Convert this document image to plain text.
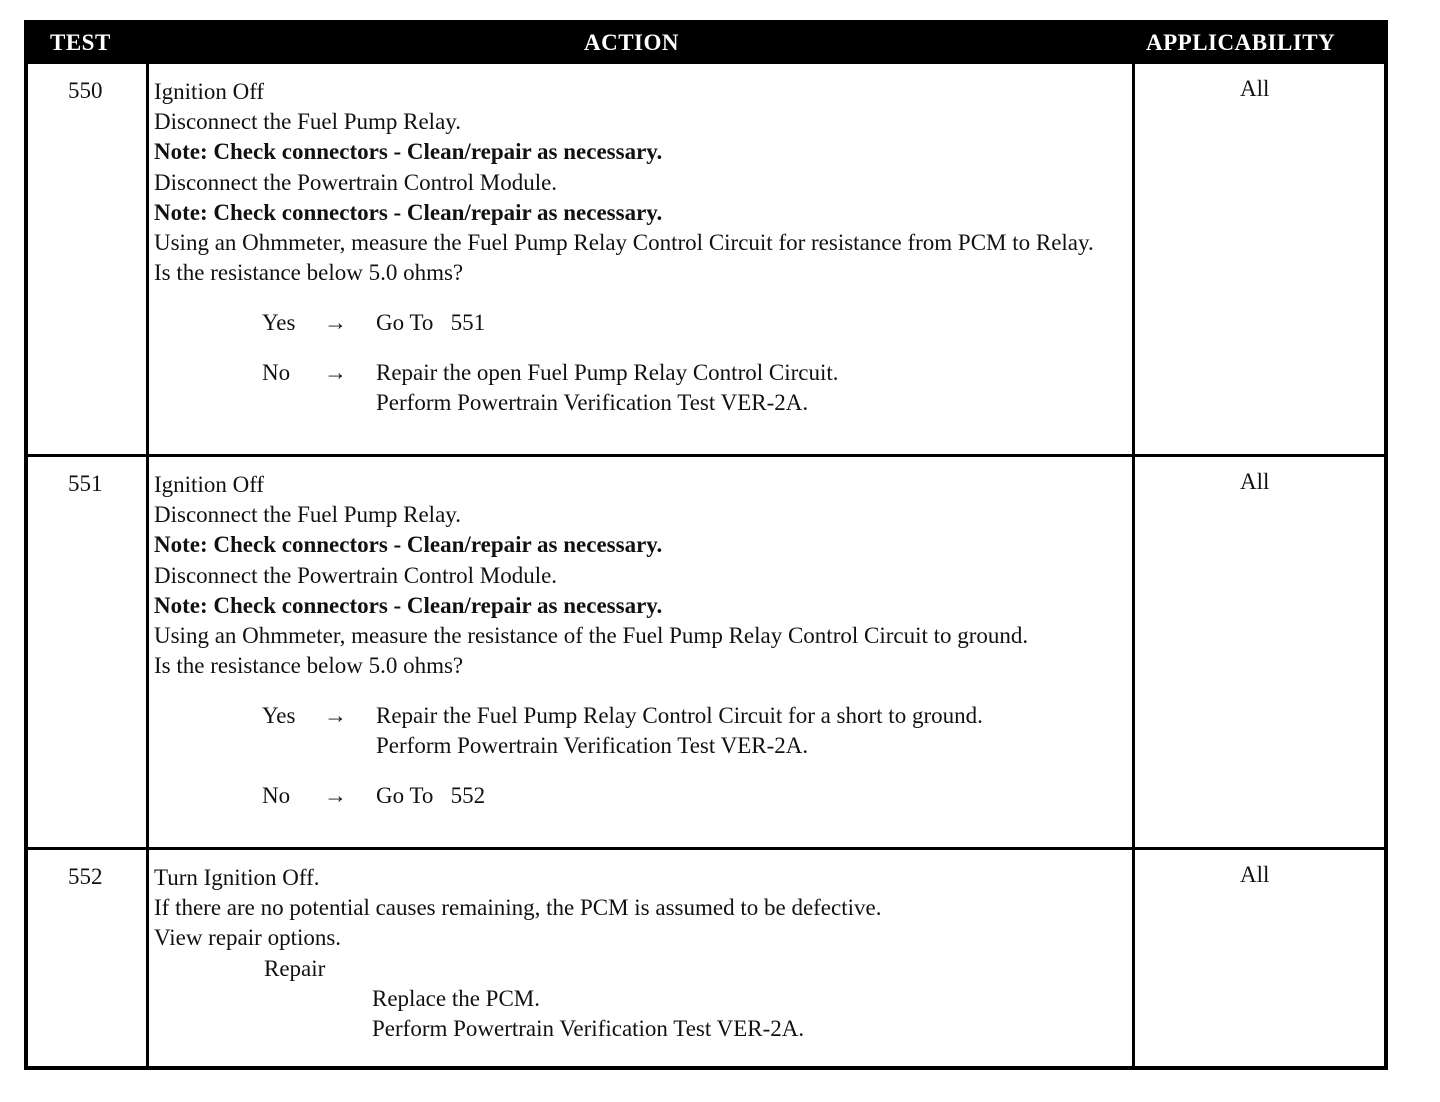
TEST	ACTION	APPLICABILITY
550 Ignition Off

Disconnect the Fuel Pump Relay.

Note: Check connectors - Clean/repair as necessary.

Disconnect the Powertrain Control Module.

Note: Check connectors - Clean/repair as necessary.

Using an Ohmmeter, measure the Fuel Pump Relay Control Circuit for resistance from PCM to Relay.

Is the resistance below 5.0 ohms?

Yes → Go To   551
No → Repair the open Fuel Pump Relay Control Circuit.
Perform Powertrain Verification Test VER-2A.
All
551 Ignition Off

Disconnect the Fuel Pump Relay.

Note: Check connectors - Clean/repair as necessary.

Disconnect the Powertrain Control Module.

Note: Check connectors - Clean/repair as necessary.

Using an Ohmmeter, measure the resistance of the Fuel Pump Relay Control Circuit to ground.

Is the resistance below 5.0 ohms?

Yes → Repair the Fuel Pump Relay Control Circuit for a short to ground.
Perform Powertrain Verification Test VER-2A.
No → Go To   552
All
552 Turn Ignition Off.

If there are no potential causes remaining, the PCM is assumed to be defective.

View repair options.

Repair

Replace the PCM.

Perform Powertrain Verification Test VER-2A.

All
